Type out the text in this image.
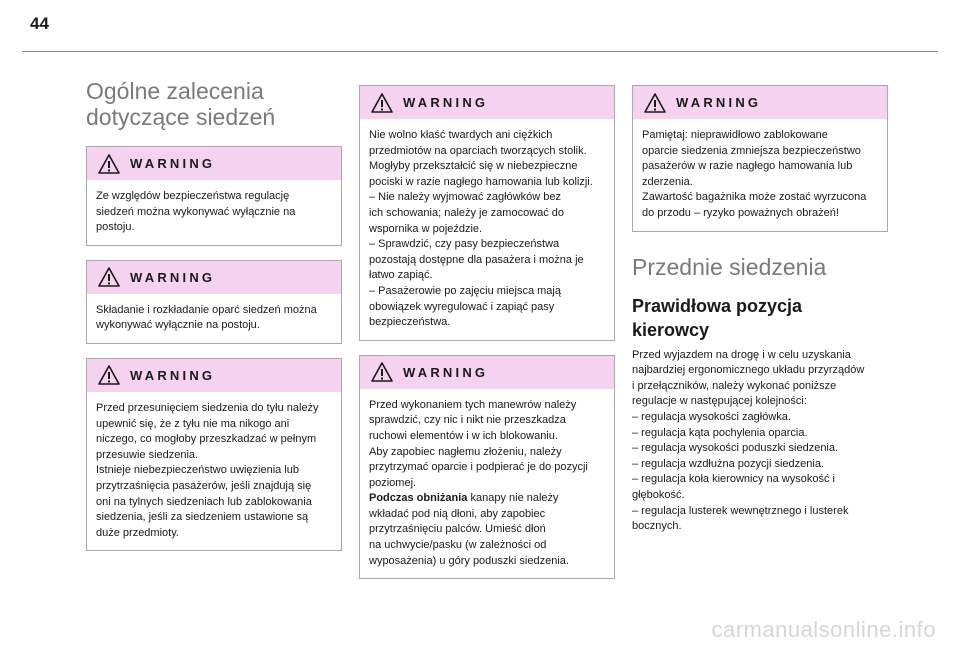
44
Ogólne zalecenia
dotyczące siedzeń
WARNING

Ze względów bezpieczeństwa regulację

siedzeń można wykonywać wyłącznie na

postoju.

WARNING

Składanie i rozkładanie oparć siedzeń można

wykonywać wyłącznie na postoju.

WARNING

Przed przesunięciem siedzenia do tyłu należy

upewnić się, że z tyłu nie ma nikogo ani

niczego, co mogłoby przeszkadzać w pełnym

przesuwie siedzenia.

Istnieje niebezpieczeństwo uwięzienia lub

przytrzaśnięcia pasażerów, jeśli znajdują się

oni na tylnych siedzeniach lub zablokowania

siedzenia, jeśli za siedzeniem ustawione są

duże przedmioty.

WARNING

Nie wolno kłaść twardych ani ciężkich

przedmiotów na oparciach tworzących stolik.

Mogłyby przekształcić się w niebezpieczne

pociski w razie nagłego hamowania lub kolizji.

– Nie należy wyjmować zagłówków bez

ich schowania; należy je zamocować do

wspornika w pojeździe.

– Sprawdzić, czy pasy bezpieczeństwa

pozostają dostępne dla pasażera i można je

łatwo zapiąć.

– Pasażerowie po zajęciu miejsca mają

obowiązek wyregulować i zapiąć pasy

bezpieczeństwa.

WARNING

Przed wykonaniem tych manewrów należy

sprawdzić, czy nic i nikt nie przeszkadza

ruchowi elementów i w ich blokowaniu.

Aby zapobiec nagłemu złożeniu, należy

przytrzymać oparcie i podpierać je do pozycji

poziomej.

Podczas obniżania kanapy nie należy

wkładać pod nią dłoni, aby zapobiec

przytrzaśnięciu palców. Umieść dłoń

na uchwycie/pasku (w zależności od

wyposażenia) u góry poduszki siedzenia.

WARNING

Pamiętaj: nieprawidłowo zablokowane

oparcie siedzenia zmniejsza bezpieczeństwo

pasażerów w razie nagłego hamowania lub

zderzenia.

Zawartość bagażnika może zostać wyrzucona

do przodu – ryzyko poważnych obrażeń!

Przednie siedzenia
Prawidłowa pozycja
kierowcy

Przed wyjazdem na drogę i w celu uzyskania

najbardziej ergonomicznego układu przyrządów

i przełączników, należy wykonać poniższe

regulacje w następującej kolejności:

– regulacja wysokości zagłówka.

– regulacja kąta pochylenia oparcia.

– regulacja wysokości poduszki siedzenia.

– regulacja wzdłużna pozycji siedzenia.

– regulacja koła kierownicy na wysokość i

głębokość.

– regulacja lusterek wewnętrznego i lusterek

bocznych.

carmanualsonline.info
